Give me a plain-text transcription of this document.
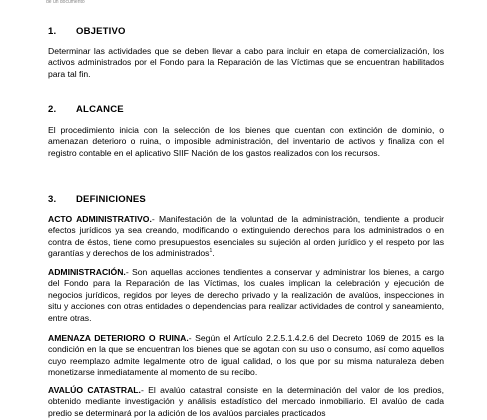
de un documento
1. OBJETIVO

Determinar las actividades que se deben llevar a cabo para incluir en etapa de comercialización, los activos administrados por el Fondo para la Reparación de las Víctimas que se encuentran habilitados para tal fin.

2. ALCANCE

El procedimiento inicia con la selección de los bienes que cuentan con extinción de dominio, o amenazan deterioro o ruina, o imposible administración, del inventario de activos y finaliza con el registro contable en el aplicativo SIIF Nación de los gastos realizados con los recursos.

3. DEFINICIONES

ACTO ADMINISTRATIVO.- Manifestación de la voluntad de la administración, tendiente a producir efectos jurídicos ya sea creando, modificando o extinguiendo derechos para los administrados o en contra de éstos, tiene como presupuestos esenciales su sujeción al orden jurídico y el respeto por las garantías y derechos de los administrados$^1$.

ADMINISTRACIÓN.- Son aquellas acciones tendientes a conservar y administrar los bienes, a cargo del Fondo para la Reparación de las Víctimas, los cuales implican la celebración y ejecución de negocios jurídicos, regidos por leyes de derecho privado y la realización de avalúos, inspecciones in situ y acciones con otras entidades o dependencias para realizar actividades de control y saneamiento, entre otras.

AMENAZA DETERIORO O RUINA.- Según el Artículo 2.2.5.1.4.2.6 del Decreto 1069 de 2015 es la condición en la que se encuentran los bienes que se agotan con su uso o consumo, así como aquellos cuyo reemplazo admite legalmente otro de igual calidad, o los que por su misma naturaleza deben monetizarse inmediatamente al momento de su recibo.

AVALÚO CATASTRAL.- El avalúo catastral consiste en la determinación del valor de los predios, obtenido mediante investigación y análisis estadístico del mercado inmobiliario. El avalúo de cada predio se determinará por la adición de los avalúos parciales practicados
